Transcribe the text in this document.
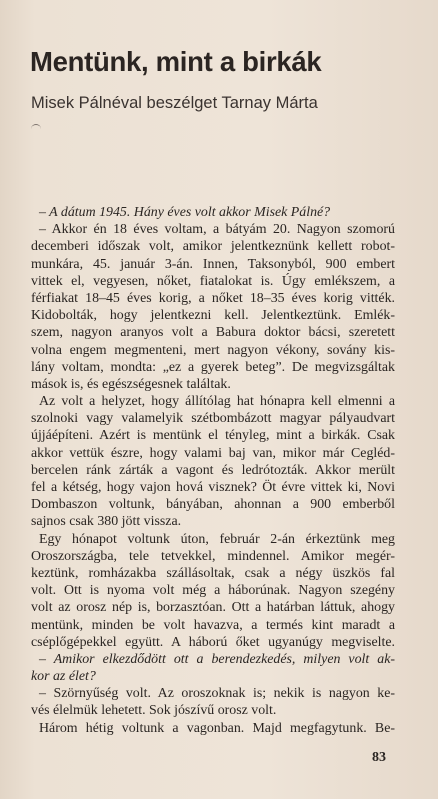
Mentünk, mint a birkák
Misek Pálnéval beszélget Tarnay Márta
– A dátum 1945. Hány éves volt akkor Misek Pálné?
– Akkor én 18 éves voltam, a bátyám 20. Nagyon szomorú
decemberi időszak volt, amikor jelentkeznünk kellett robot-
munkára, 45. január 3-án. Innen, Taksonyból, 900 embert
vittek el, vegyesen, nőket, fiatalokat is. Úgy emlékszem, a
férfiakat 18–45 éves korig, a nőket 18–35 éves korig vitték.
Kidobolták, hogy jelentkezni kell. Jelentkeztünk. Emlék-
szem, nagyon aranyos volt a Babura doktor bácsi, szeretett
volna engem megmenteni, mert nagyon vékony, sovány kis-
lány voltam, mondta: „ez a gyerek beteg”. De megvizsgáltak
mások is, és egészségesnek találtak.
Az volt a helyzet, hogy állítólag hat hónapra kell elmenni a
szolnoki vagy valamelyik szétbombázott magyar pályaudvart
újjáépíteni. Azért is mentünk el tényleg, mint a birkák. Csak
akkor vettük észre, hogy valami baj van, mikor már Cegléd-
bercelen ránk zárták a vagont és ledrótozták. Akkor merült
fel a kétség, hogy vajon hová visznek? Öt évre vittek ki, Novi
Dombaszon voltunk, bányában, ahonnan a 900 emberből
sajnos csak 380 jött vissza.
Egy hónapot voltunk úton, február 2-án érkeztünk meg
Oroszországba, tele tetvekkel, mindennel. Amikor megér-
keztünk, romházakba szállásoltak, csak a négy üszkös fal
volt. Ott is nyoma volt még a háborúnak. Nagyon szegény
volt az orosz nép is, borzasztóan. Ott a határban láttuk, ahogy
mentünk, minden be volt havazva, a termés kint maradt a
cséplőgépekkel együtt. A háború őket ugyanúgy megviselte.
– Amikor elkezdődött ott a berendezkedés, milyen volt ak-
kor az élet?
– Szörnyűség volt. Az oroszoknak is; nekik is nagyon ke-
vés élelmük lehetett. Sok jószívű orosz volt.
Három hétig voltunk a vagonban. Majd megfagytunk. Be-
83
